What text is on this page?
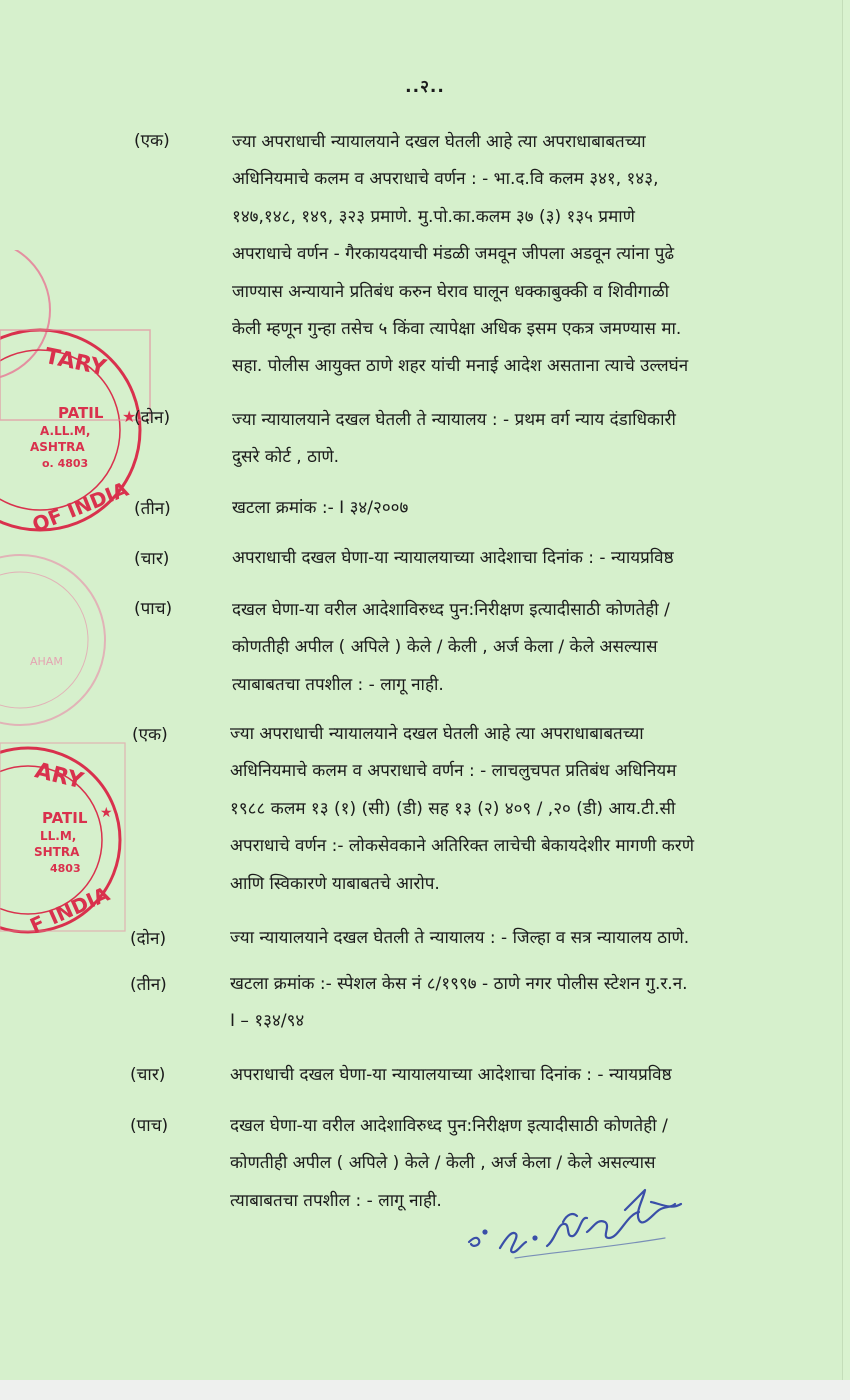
..२..
TARY
PATIL
A.LL.M,
ASHTRA
o. 4803
OF INDIA
★
AHAM
ARY
PATIL
LL.M,
SHTRA
4803
F INDIA
★
(एक)	ज्या अपराधाची न्यायालयाने दखल घेतली आहे त्या अपराधाबाबतच्या
अधिनियमाचे कलम व अपराधाचे वर्णन : - भा.द.वि कलम ३४१, १४३,
१४७,१४८, १४९, ३२३ प्रमाणे. मु.पो.का.कलम ३७ (३) १३५ प्रमाणे
अपराधाचे वर्णन - गैरकायदयाची मंडळी जमवून जीपला अडवून त्यांना पुढे
जाण्यास अन्यायाने प्रतिबंध करुन घेराव घालून धक्काबुक्की व शिवीगाळी
केली म्हणून गुन्हा तसेच ५ किंवा त्यापेक्षा अधिक इसम एकत्र जमण्यास मा.
सहा. पोलीस आयुक्त ठाणे शहर यांची मनाई आदेश असताना त्याचे उल्लघंन
(दोन)	ज्या न्यायालयाने दखल घेतली ते न्यायालय : - प्रथम वर्ग न्याय दंडाधिकारी
दुसरे कोर्ट , ठाणे.
(तीन)	खटला क्रमांक :- I ३४/२००७
(चार)	अपराधाची दखल घेणा-या न्यायालयाच्या आदेशाचा दिनांक : - न्यायप्रविष्ठ
(पाच)	दखल घेणा-या वरील आदेशाविरुध्द पुन:निरीक्षण इत्यादीसाठी कोणतेही /
कोणतीही अपील ( अपिले ) केले / केली , अर्ज केला / केले असल्यास
त्याबाबतचा तपशील : - लागू नाही.
(एक)	ज्या अपराधाची न्यायालयाने दखल घेतली आहे त्या अपराधाबाबतच्या
अधिनियमाचे कलम व अपराधाचे वर्णन : - लाचलुचपत प्रतिबंध अधिनियम
१९८८ कलम १३ (१) (सी) (डी) सह १३ (२) ४०९ / ,२० (डी) आय.टी.सी
अपराधाचे वर्णन :- लोकसेवकाने अतिरिक्त लाचेची बेकायदेशीर मागणी करणे
आणि स्विकारणे याबाबतचे आरोप.
(दोन)	ज्या न्यायालयाने दखल घेतली ते न्यायालय : - जिल्हा व सत्र न्यायालय ठाणे.
(तीन)	खटला क्रमांक :- स्पेशल केस नं ८/१९९७ - ठाणे नगर पोलीस स्टेशन गु.र.न.
I – १३४/९४
(चार)	अपराधाची दखल घेणा-या न्यायालयाच्या आदेशाचा दिनांक : - न्यायप्रविष्ठ
(पाच)	दखल घेणा-या वरील आदेशाविरुध्द पुन:निरीक्षण इत्यादीसाठी कोणतेही /
कोणतीही अपील ( अपिले ) केले / केली , अर्ज केला / केले असल्यास
त्याबाबतचा तपशील : - लागू नाही.
